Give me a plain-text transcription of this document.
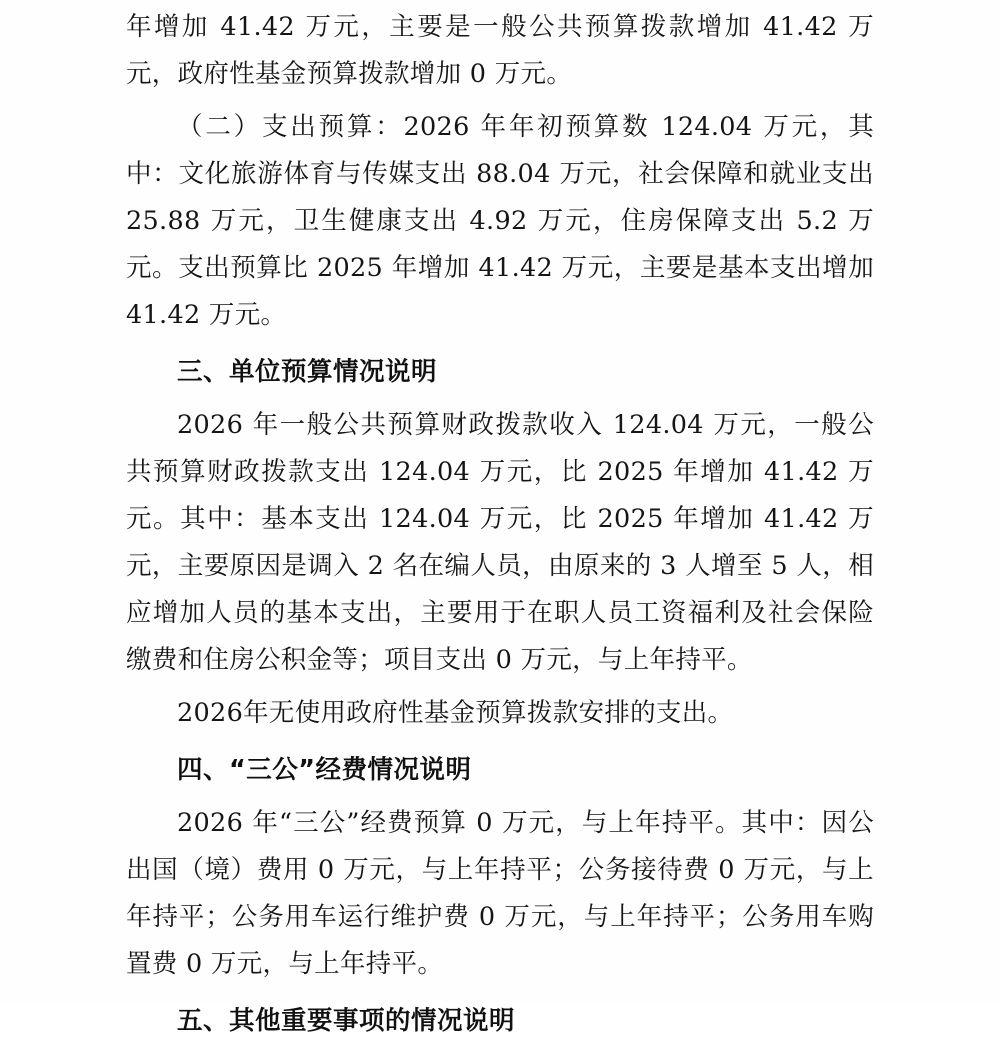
年增加 41.42 万元，主要是一般公共预算拨款增加 41.42 万元，政府性基金预算拨款增加 0 万元。

（二）支出预算：2026 年年初预算数 124.04 万元，其中：文化旅游体育与传媒支出 88.04 万元，社会保障和就业支出 25.88 万元，卫生健康支出 4.92 万元，住房保障支出 5.2 万元。支出预算比 2025 年增加 41.42 万元，主要是基本支出增加 41.42 万元。

三、单位预算情况说明

2026 年一般公共预算财政拨款收入 124.04 万元，一般公共预算财政拨款支出 124.04 万元，比 2025 年增加 41.42 万元。其中：基本支出 124.04 万元，比 2025 年增加 41.42 万元，主要原因是调入 2 名在编人员，由原来的 3 人增至 5 人，相应增加人员的基本支出，主要用于在职人员工资福利及社会保险缴费和住房公积金等；项目支出 0 万元，与上年持平。

2026年无使用政府性基金预算拨款安排的支出。

四、“三公”经费情况说明

2026 年“三公”经费预算 0 万元，与上年持平。其中：因公出国（境）费用 0 万元，与上年持平；公务接待费 0 万元，与上年持平；公务用车运行维护费 0 万元，与上年持平；公务用车购置费 0 万元，与上年持平。

五、其他重要事项的情况说明
